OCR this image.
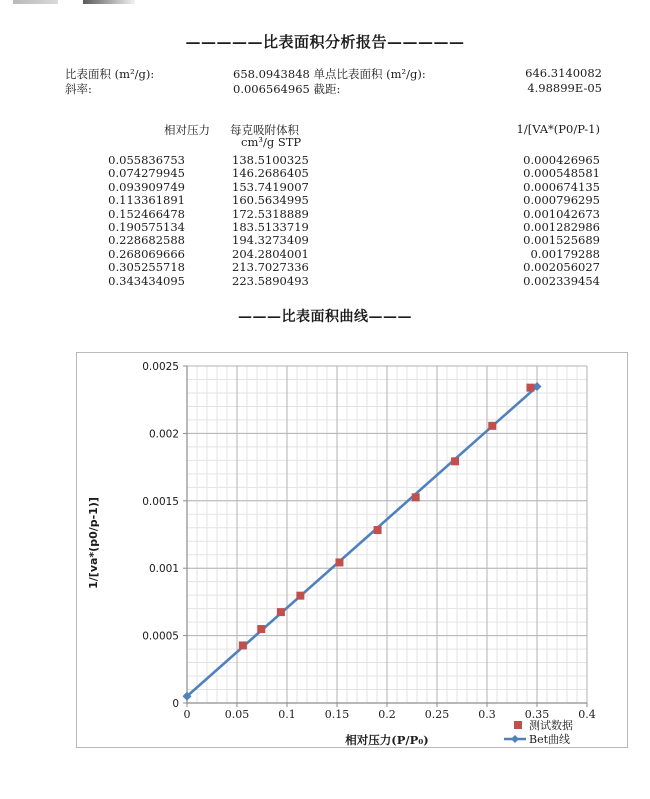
—————比表面积分析报告—————
比表面积 (m²/g):	658.0943848 单点比表面积 (m²/g):	646.3140082
斜率:	0.006564965 截距:	4.98899E-05
相对压力 每克吸附体积	1/[VA*(P0/P-1)
cm³/g STP
0.055836753	138.5100325	0.000426965
0.074279945	146.2686405	0.000548581
0.093909749	153.7419007	0.000674135
0.113361891	160.5634995	0.000796295
0.152466478	172.5318889	0.001042673
0.190575134	183.5133719	0.001282986
0.228682588	194.3273409	0.001525689
0.268069666	204.2804001	0.00179288
0.305255718	213.7027336	0.002056027
0.343434095	223.5890493	0.002339454
———比表面积曲线———
0	0.05	0.1	0.15	0.2	0.25	0.3	0.35	0.4
0
0.0005
0.001
0.0015
0.002
0.0025
相对压力(P/P₀)
1/[va*(p0/p-1)]
测试数据
Bet曲线
